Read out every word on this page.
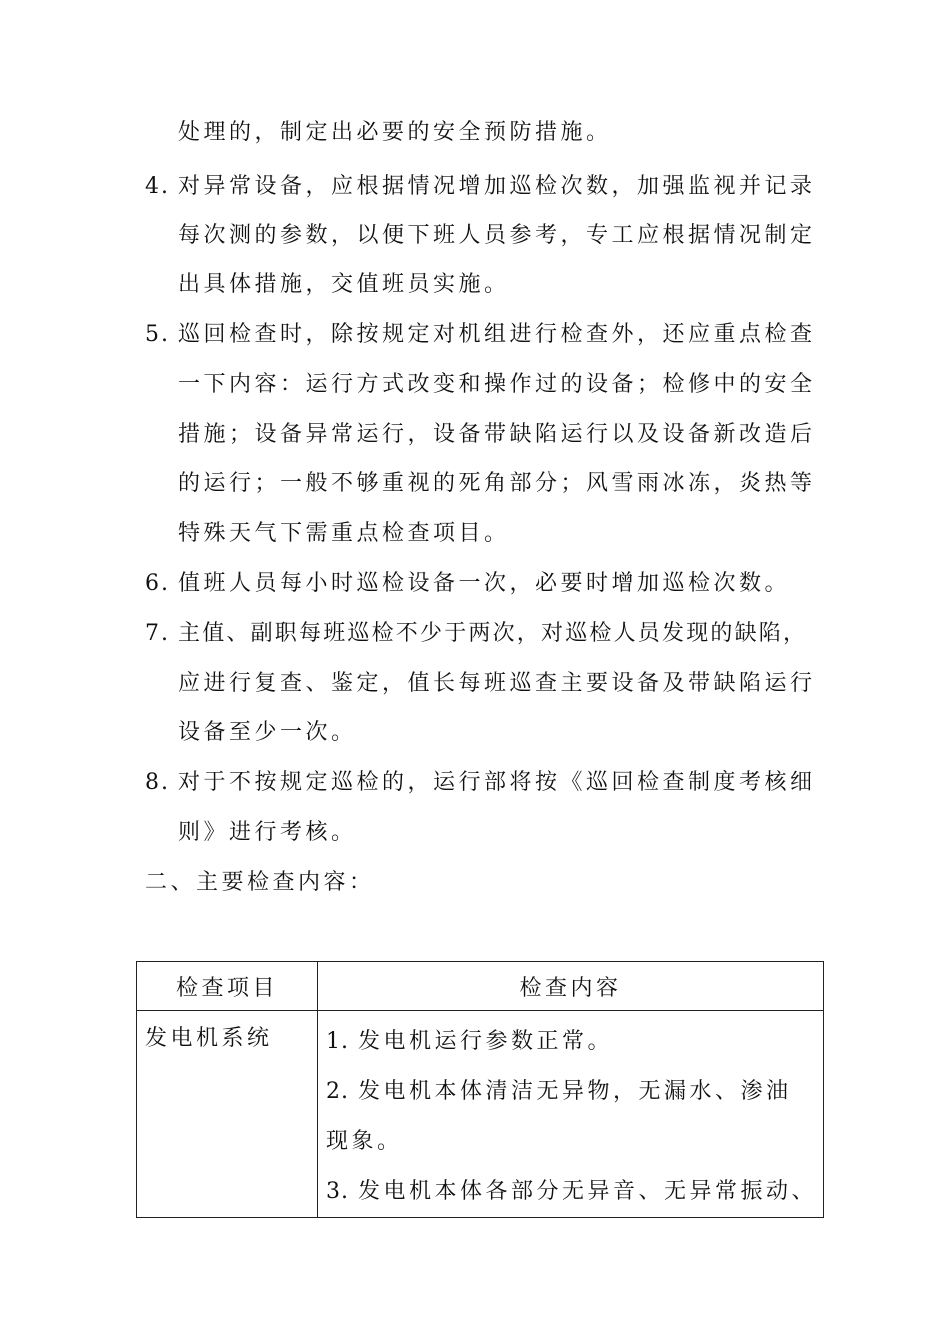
处理的，制定出必要的安全预防措施。
4. 对异常设备，应根据情况增加巡检次数，加强监视并记录
每次测的参数，以便下班人员参考，专工应根据情况制定
出具体措施，交值班员实施。
5. 巡回检查时，除按规定对机组进行检查外，还应重点检查
一下内容：运行方式改变和操作过的设备；检修中的安全
措施；设备异常运行，设备带缺陷运行以及设备新改造后
的运行；一般不够重视的死角部分；风雪雨冰冻，炎热等
特殊天气下需重点检查项目。
6. 值班人员每小时巡检设备一次，必要时增加巡检次数。
7. 主值、副职每班巡检不少于两次，对巡检人员发现的缺陷，
应进行复查、鉴定，值长每班巡查主要设备及带缺陷运行
设备至少一次。
8. 对于不按规定巡检的，运行部将按《巡回检查制度考核细
则》进行考核。
二、主要检查内容：
检查项目	检查内容
发电机系统	1. 发电机运行参数正常。
2. 发电机本体清洁无异物，无漏水、渗油
现象。
3. 发电机本体各部分无异音、无异常振动、
